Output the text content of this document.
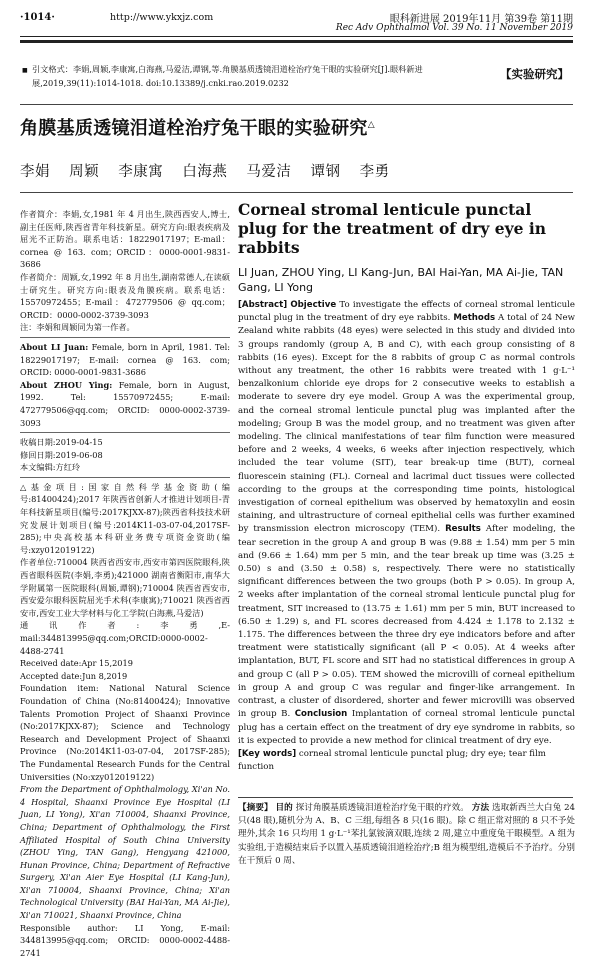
·1014·	http://www.ykxjz.com	眼科新进展 2019年11月 第39卷 第11期
Rec Adv Ophthalmol Vol. 39 No. 11 November 2019
■ 引文格式：李娟,周颖,李康寓,白海燕,马爱洁,谭钢,等.角膜基质透镜泪道栓治疗兔干眼的实验研究[J].眼科新进展,2019,39(11):1014-1018. doi:10.13389/j.cnki.rao.2019.0232
【实验研究】
角膜基质透镜泪道栓治疗兔干眼的实验研究△
李娟 周颖 李康寓 白海燕 马爱洁 谭钢 李勇

作者简介：李娟,女,1981 年 4 月出生,陕西西安人,博士,副主任医师,陕西省青年科技新星。研究方向:眼表疾病及屈光不正防治。联系电话：18229017197；E-mail：cornea @ 163. com；ORCID：0000-0001-9831-3686

作者简介：周颖,女,1992 年 8 月出生,湖南常德人,在读硕士研究生。研究方向:眼表及角膜疾病。联系电话：15570972455；E-mail：472779506 @ qq.com；ORCID：0000-0002-3739-3093

注：李娟和周颖同为第一作者。

About LI Juan: Female, born in April, 1981. Tel: 18229017197; E-mail: cornea @ 163. com; ORCID: 0000-0001-9831-3686

About ZHOU Ying: Female, born in August, 1992. Tel: 15570972455; E-mail: 472779506@qq.com; ORCID: 0000-0002-3739-3093

收稿日期:2019-04-15

修回日期:2019-06-08

本文编辑:方红玲

△基金项目:国家自然科学基金资助(编号:81400424);2017 年陕西省创新人才推进计划项目-青年科技新星项目(编号:2017KJXX-87);陕西省科技技术研究发展计划项目(编号:2014K11-03-07-04,2017SF-285);中央高校基本科研业务费专项资金资助(编号:xzy012019122)

作者单位:710004 陕西省西安市,西安市第四医院眼科,陕西省眼科医院(李娟,李勇);421000 湖南省衡阳市,南华大学附属第一医院眼科(周颖,谭钢);710004 陕西省西安市,西安爱尔眼科医院屈光手术科(李康寓);710021 陕西省西安市,西安工业大学材料与化工学院(白海燕,马爱洁)

通讯作者:李勇,E-mail:344813995@qq.com;ORCID:0000-0002-4488-2741

Received date:Apr 15,2019

Accepted date:Jun 8,2019

Foundation item: National Natural Science Foundation of China (No:81400424); Innovative Talents Promotion Project of Shaanxi Province (No:2017KJXX-87); Science and Technology Research and Development Project of Shaanxi Province (No:2014K11-03-07-04, 2017SF-285); The Fundamental Research Funds for the Central Universities (No:xzy012019122)

From the Department of Ophthalmology, Xi'an No. 4 Hospital, Shaanxi Province Eye Hospital (LI Juan, LI Yong), Xi'an 710004, Shaanxi Province, China; Department of Ophthalmology, the First Affiliated Hospital of South China University (ZHOU Ying, TAN Gang), Hengyang 421000, Hunan Province, China; Department of Refractive Surgery, Xi'an Aier Eye Hospital (LI Kang-Jun), Xi'an 710004, Shaanxi Province, China; Xi'an Technological University (BAI Hai-Yan, MA Ai-Jie), Xi'an 710021, Shaanxi Province, China

Responsible author: LI Yong, E-mail: 344813995@qq.com; ORCID: 0000-0002-4488-2741

Corneal stromal lenticule punctal plug for the treatment of dry eye in rabbits

LI Juan, ZHOU Ying, LI Kang-Jun, BAI Hai-Yan, MA Ai-Jie, TAN Gang, LI Yong

[Abstract] Objective To investigate the effects of corneal stromal lenticule punctal plug in the treatment of dry eye rabbits. Methods A total of 24 New Zealand white rabbits (48 eyes) were selected in this study and divided into 3 groups randomly (group A, B and C), with each group consisting of 8 rabbits (16 eyes). Except for the 8 rabbits of group C as normal controls without any treatment, the other 16 rabbits were treated with 1 g·L⁻¹ benzalkonium chloride eye drops for 2 consecutive weeks to establish a moderate to severe dry eye model. Group A was the experimental group, and the corneal stromal lenticule punctal plug was implanted after the modeling; Group B was the model group, and no treatment was given after modeling. The clinical manifestations of tear film function were measured before and 2 weeks, 4 weeks, 6 weeks after injection respectively, which included the tear volume (SIT), tear break-up time (BUT), corneal fluorescein staining (FL). Corneal and lacrimal duct tissues were collected according to the groups at the corresponding time points, histological investigation of corneal epithelium was observed by hematoxylin and eosin staining, and ultrastructure of corneal epithelial cells was further examined by transmission electron microscopy (TEM). Results After modeling, the tear secretion in the group A and group B was (9.88 ± 1.54) mm per 5 min and (9.66 ± 1.64) mm per 5 min, and the tear break up time was (3.25 ± 0.50) s and (3.50 ± 0.58) s, respectively. There were no statistically significant differences between the two groups (both P > 0.05). In group A, 2 weeks after implantation of the corneal stromal lenticule punctal plug for treatment, SIT increased to (13.75 ± 1.61) mm per 5 min, BUT increased to (6.50 ± 1.29) s, and FL scores decreased from 4.424 ± 1.178 to 2.132 ± 1.175. The differences between the three dry eye indicators before and after treatment were statistically significant (all P < 0.05). At 4 weeks after implantation, BUT, FL score and SIT had no statistical differences in group A and group C (all P > 0.05). TEM showed the microvilli of corneal epithelium in group A and group C was regular and finger-like arrangement. In contrast, a cluster of disordered, shorter and fewer microvilli was observed in group B. Conclusion Implantation of corneal stromal lenticule punctal plug has a certain effect on the treatment of dry eye syndrome in rabbits, so it is expected to provide a new method for clinical treatment of dry eye.

[Key words] corneal stromal lenticule punctal plug; dry eye; tear film function

【摘要】 目的 探讨角膜基质透镜泪道栓治疗兔干眼的疗效。 方法 选取新西兰大白兔 24 只(48 眼),随机分为 A、B、C 三组,每组各 8 只(16 眼)。除 C 组正常对照的 8 只不予处理外,其余 16 只均用 1 g·L⁻¹苯扎氯铵滴双眼,连续 2 周,建立中重度兔干眼模型。A 组为实验组,于造模结束后予以置入基质透镜泪道栓治疗;B 组为模型组,造模后不予治疗。分别在干预后 0 周、
